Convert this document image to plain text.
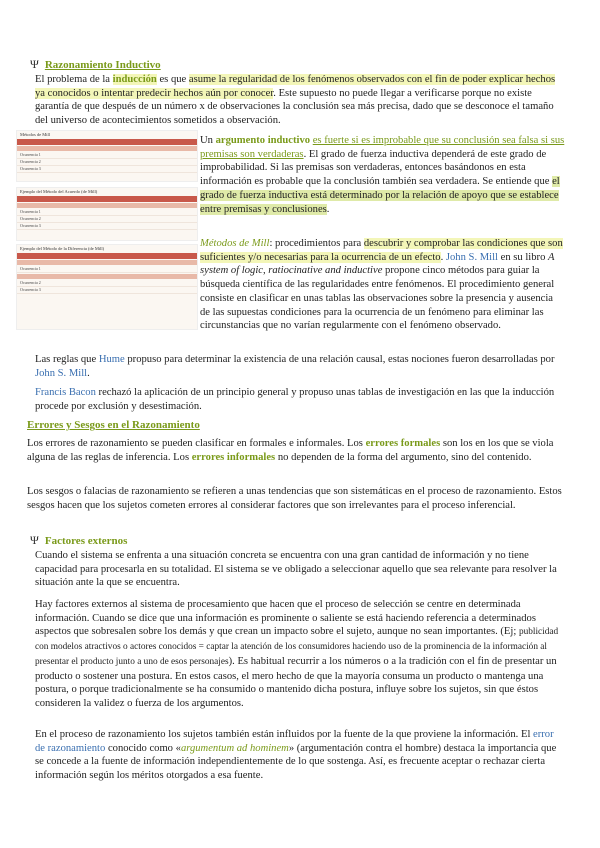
Ψ Razonamiento Inductivo
El problema de la inducción es que asume la regularidad de los fenómenos observados con el fin de poder explicar hechos ya conocidos o intentar predecir hechos aún por conocer. Este supuesto no puede llegar a verificarse porque no existe garantía de que después de un número x de observaciones la conclusión sea más precisa, dado que se desconoce el tamaño del universo de acontecimientos sometidos a observación.
Métodos de Mill
Ocurrencia 1
Ocurrencia 2
Ocurrencia 3
Ejemplo del Método del Acuerdo (de Mill)
Ocurrencia 1
Ocurrencia 2
Ocurrencia 3
Ejemplo del Método de la Diferencia (de Mill)
Ocurrencia 1
Ocurrencia 2
Ocurrencia 3
Un argumento inductivo es fuerte si es improbable que su conclusión sea falsa si sus premisas son verdaderas. El grado de fuerza inductiva dependerá de este grado de improbabilidad. Si las premisas son verdaderas, entonces basándonos en esta información es probable que la conclusión también sea verdadera. Se entiende que el grado de fuerza inductiva está determinado por la relación de apoyo que se establece entre premisas y conclusiones.
Métodos de Mill: procedimientos para descubrir y comprobar las condiciones que son suficientes y/o necesarias para la ocurrencia de un efecto. John S. Mill en su libro A system of logic, ratiocinative and inductive propone cinco métodos para guiar la búsqueda científica de las regularidades entre fenómenos. El procedimiento general consiste en clasificar en unas tablas las observaciones sobre la presencia y ausencia de las supuestas condiciones para la ocurrencia de un fenómeno para eliminar las circunstancias que no varían regularmente con el fenómeno observado.
Las reglas que Hume propuso para determinar la existencia de una relación causal, estas nociones fueron desarrolladas por John S. Mill.
Francis Bacon rechazó la aplicación de un principio general y propuso unas tablas de investigación en las que la inducción procede por exclusión y desestimación.
Errores y Sesgos en el Razonamiento
Los errores de razonamiento se pueden clasificar en formales e informales. Los errores formales son los en los que se viola alguna de las reglas de inferencia. Los errores informales no dependen de la forma del argumento, sino del contenido.
Los sesgos o falacias de razonamiento se refieren a unas tendencias que son sistemáticas en el proceso de razonamiento. Estos sesgos hacen que los sujetos cometen errores al considerar factores que son irrelevantes para el proceso inferencial.
Ψ Factores externos
Cuando el sistema se enfrenta a una situación concreta se encuentra con una gran cantidad de información y no tiene capacidad para procesarla en su totalidad. El sistema se ve obligado a seleccionar aquello que sea relevante para resolver la situación ante la que se encuentra.
Hay factores externos al sistema de procesamiento que hacen que el proceso de selección se centre en determinada información. Cuando se dice que una información es prominente o saliente se está haciendo referencia a determinados aspectos que sobresalen sobre los demás y que crean un impacto sobre el sujeto, aunque no sean importantes. (Ej; publicidad con modelos atractivos o actores conocidos = captar la atención de los consumidores haciendo uso de la prominencia de la información al presentar el producto junto a uno de esos personajes). Es habitual recurrir a los números o a la tradición con el fin de presentar un producto o sostener una postura. En estos casos, el mero hecho de que la mayoría consuma un producto o mantenga una postura, o porque tradicionalmente se ha consumido o mantenido dicha postura, influye sobre los sujetos, sin que éstos consideren la validez o fuerza de los argumentos.
En el proceso de razonamiento los sujetos también están influidos por la fuente de la que proviene la información. El error de razonamiento conocido como «argumentum ad hominem» (argumentación contra el hombre) destaca la importancia que se concede a la fuente de información independientemente de lo que sostenga. Así, es frecuente aceptar o rechazar cierta información según los méritos otorgados a esa fuente.
